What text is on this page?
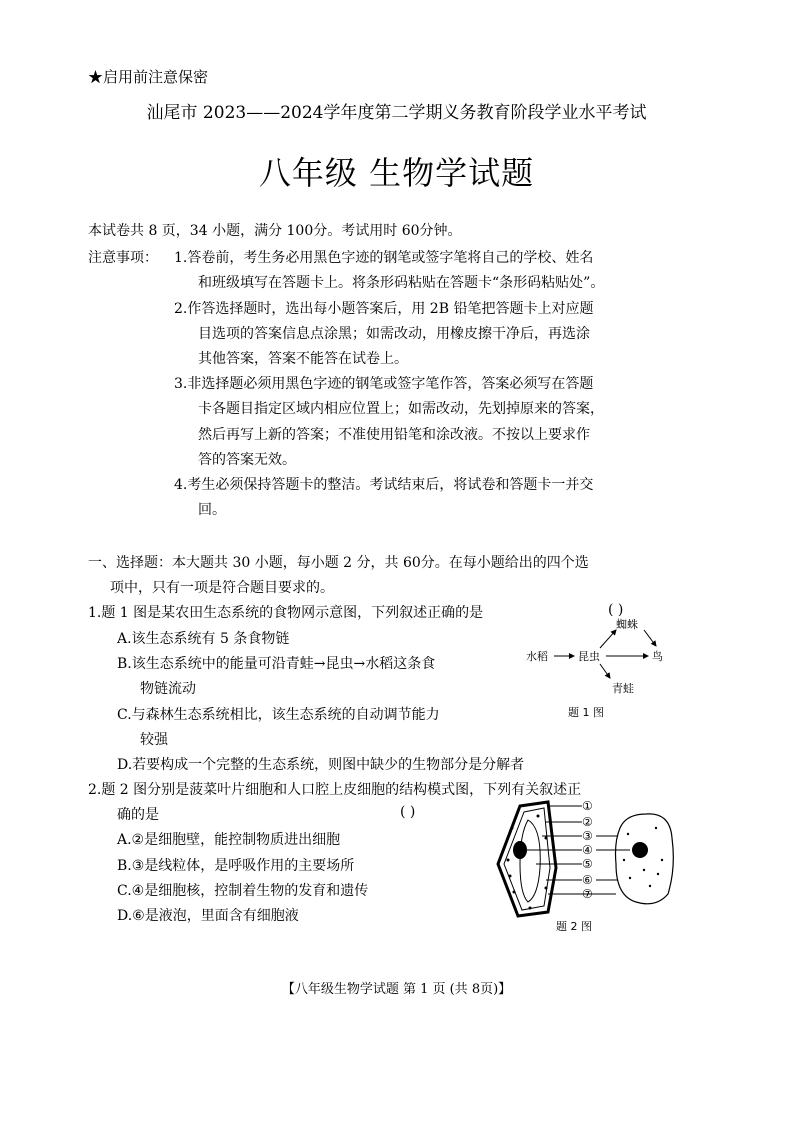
★启用前注意保密
汕尾市 2023——2024学年度第二学期义务教育阶段学业水平考试
八年级 生物学试题
本试卷共 8 页，34 小题，满分 100分。考试用时 60分钟。
注意事项： 1.答卷前，考生务必用黑色字迹的钢笔或签字笔将自己的学校、姓名
和班级填写在答题卡上。将条形码粘贴在答题卡“条形码粘贴处”。
2.作答选择题时，选出每小题答案后，用 2B 铅笔把答题卡上对应题
目选项的答案信息点涂黑；如需改动，用橡皮擦干净后，再选涂
其他答案，答案不能答在试卷上。
3.非选择题必须用黑色字迹的钢笔或签字笔作答，答案必须写在答题
卡各题目指定区域内相应位置上；如需改动，先划掉原来的答案，
然后再写上新的答案；不准使用铅笔和涂改液。不按以上要求作
答的答案无效。
4.考生必须保持答题卡的整洁。考试结束后，将试卷和答题卡一并交
回。
一、选择题：本大题共 30 小题，每小题 2 分，共 60分。在每小题给出的四个选
项中，只有一项是符合题目要求的。
1.题 1 图是某农田生态系统的食物网示意图，下列叙述正确的是	( )
A.该生态系统有 5 条食物链
B.该生态系统中的能量可沿青蛙→昆虫→水稻这条食
物链流动
C.与森林生态系统相比，该生态系统的自动调节能力
较强
D.若要构成一个完整的生态系统，则图中缺少的生物部分是分解者
水稻	昆虫	鸟
蜘蛛
青蛙
题 1 图
2.题 2 图分别是菠菜叶片细胞和人口腔上皮细胞的结构模式图，下列有关叙述正
确的是	( )
A.②是细胞壁，能控制物质进出细胞
B.③是线粒体，是呼吸作用的主要场所
C.④是细胞核，控制着生物的发育和遗传
D.⑥是液泡，里面含有细胞液
①
②
③
④
⑤
⑥
⑦
题 2 图
【八年级生物学试题 第 1 页 (共 8页)】
